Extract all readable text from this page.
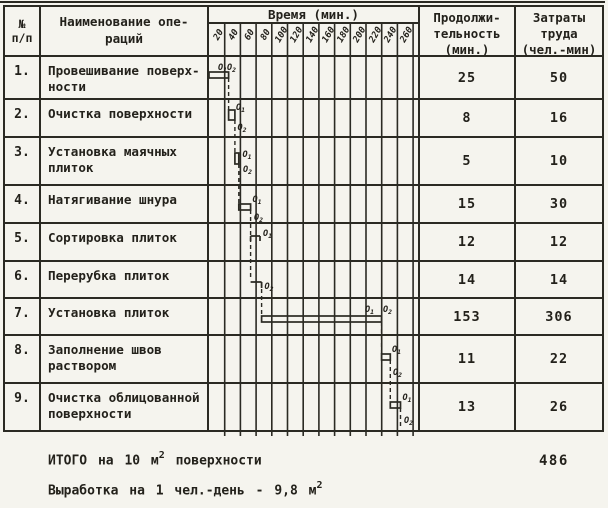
№
п/п
Наименование опе-
раций
Время (мин.)
20 40 60 80 100
120
140
160
180
200
220
240
260
Продолжи-
тельность
(мин.)
Затраты
труда
(чел.-мин)
1.	Провешивание поверх-
ности
25	50
2.	Очистка поверхности	8	16
3.	Установка маячных
плиток	5	10
4.	Натягивание шнура	15	30
5.	Сортировка плиток	12	12
6.	Перерубка плиток	14	14
7.	Установка плиток	153	306
8.	Заполнение швов
раствором	11	22
9.	Очистка облицованной
поверхности	13	26
$О_1О_2$
$О_1$
$О_2$
$О_1$
$О_2$
$О_1$
$О_2$
$О_1$
$О_2$
$О_1$ $О_2$
$О_1$
$О_2$
$О_1$
$О_2$
ИТОГО на 10 $м^2$ поверхности	486
Выработка на 1 чел.-день - 9,8 $м^2$
